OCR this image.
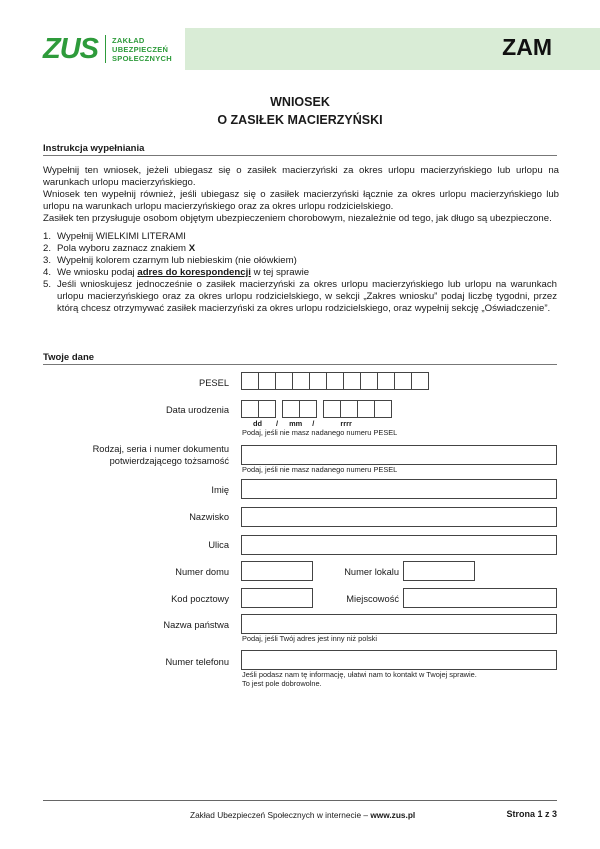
ZUS ZAKŁAD
UBEZPIECZEŃ
SPOŁECZNYCH	ZAM
WNIOSEK
O ZASIŁEK MACIERZYŃSKI
Instrukcja wypełniania

Wypełnij ten wniosek, jeżeli ubiegasz się o zasiłek macierzyński za okres urlopu macierzyńskiego lub urlopu na warunkach urlopu macierzyńskiego.

Wniosek ten wypełnij również, jeśli ubiegasz się o zasiłek macierzyński łącznie za okres urlopu macierzyńskiego lub urlopu na warunkach urlopu macierzyńskiego oraz za okres urlopu rodzicielskiego.

Zasiłek ten przysługuje osobom objętym ubezpieczeniem chorobowym, niezależnie od tego, jak długo są ubezpieczone.

1. Wypełnij WIELKIMI LITERAMI
2. Pola wyboru zaznacz znakiem X
3. Wypełnij kolorem czarnym lub niebieskim (nie ołówkiem)
4. We wniosku podaj adres do korespondencji w tej sprawie
5. Jeśli wnioskujesz jednocześnie o zasiłek macierzyński za okres urlopu macierzyńskiego lub urlopu na warunkach urlopu macierzyńskiego oraz za okres urlopu rodzicielskiego, w sekcji „Zakres wniosku” podaj liczbę tygodni, przez którą chcesz otrzymywać zasiłek macierzyński za okres urlopu rodzicielskiego, oraz wypełnij sekcję „Oświadczenie”.
Twoje dane
PESEL
Data urodzenia
dd / mm /	rrrr
Podaj, jeśli nie masz nadanego numeru PESEL
Rodzaj, seria i numer dokumentu
potwierdzającego tożsamość
Podaj, jeśli nie masz nadanego numeru PESEL
Imię
Nazwisko
Ulica
Numer domu	Numer lokalu
Kod pocztowy	Miejscowość
Nazwa państwa
Podaj, jeśli Twój adres jest inny niż polski
Numer telefonu
Jeśli podasz nam tę informację, ułatwi nam to kontakt w Twojej sprawie.
To jest pole dobrowolne.
Zakład Ubezpieczeń Społecznych w internecie – www.zus.pl	Strona 1 z 3
